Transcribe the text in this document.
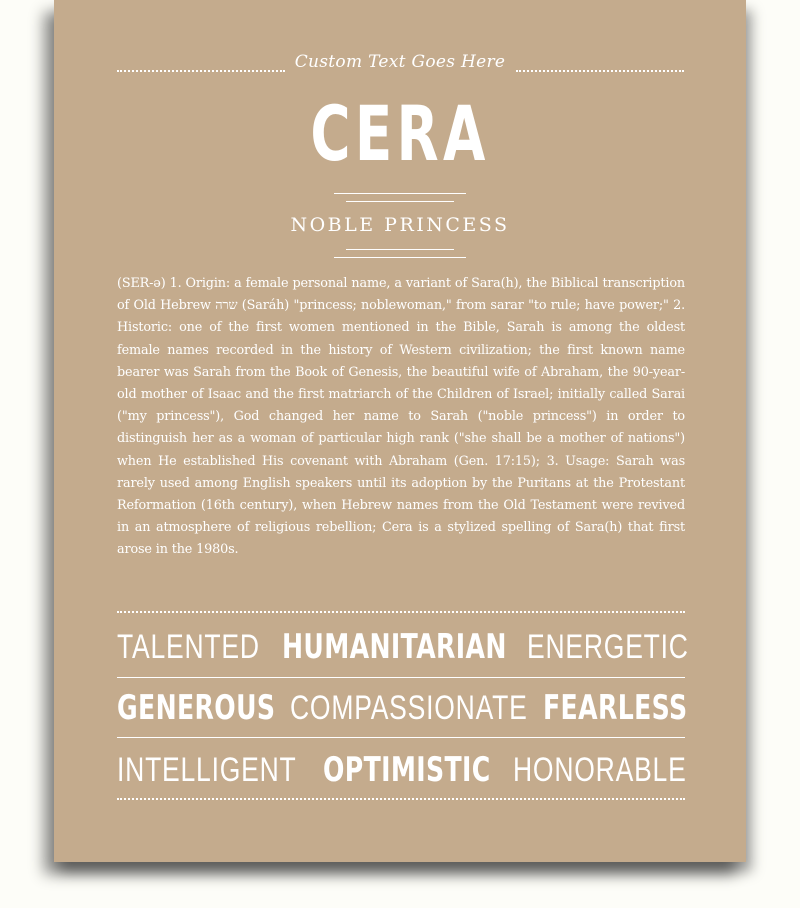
Custom Text Goes Here
CERA
NOBLE PRINCESS

(SER-ə) 1. Origin: a female personal name, a variant of Sara(h), the Biblical transcription of Old Hebrew שרה (Saráh) "princess; noblewoman," from sarar "to rule; have power;" 2. Historic: one of the first women mentioned in the Bible, Sarah is among the oldest female names recorded in the history of Western civilization; the first known name bearer was Sarah from the Book of Genesis, the beautiful wife of Abraham, the 90-year-old mother of Isaac and the first matriarch of the Children of Israel; initially called Sarai ("my princess"), God changed her name to Sarah ("noble princess") in order to distinguish her as a woman of particular high rank ("she shall be a mother of nations") when He established His covenant with Abraham (Gen. 17:15); 3. Usage: Sarah was rarely used among English speakers until its adoption by the Puritans at the Protestant Reformation (16th century), when Hebrew names from the Old Testament were revived in an atmosphere of religious rebellion; Cera is a stylized spelling of Sara(h) that first arose in the 1980s.

TALENTED HUMANITARIAN ENERGETIC
GENEROUS COMPASSIONATE FEARLESS
INTELLIGENT OPTIMISTIC HONORABLE
